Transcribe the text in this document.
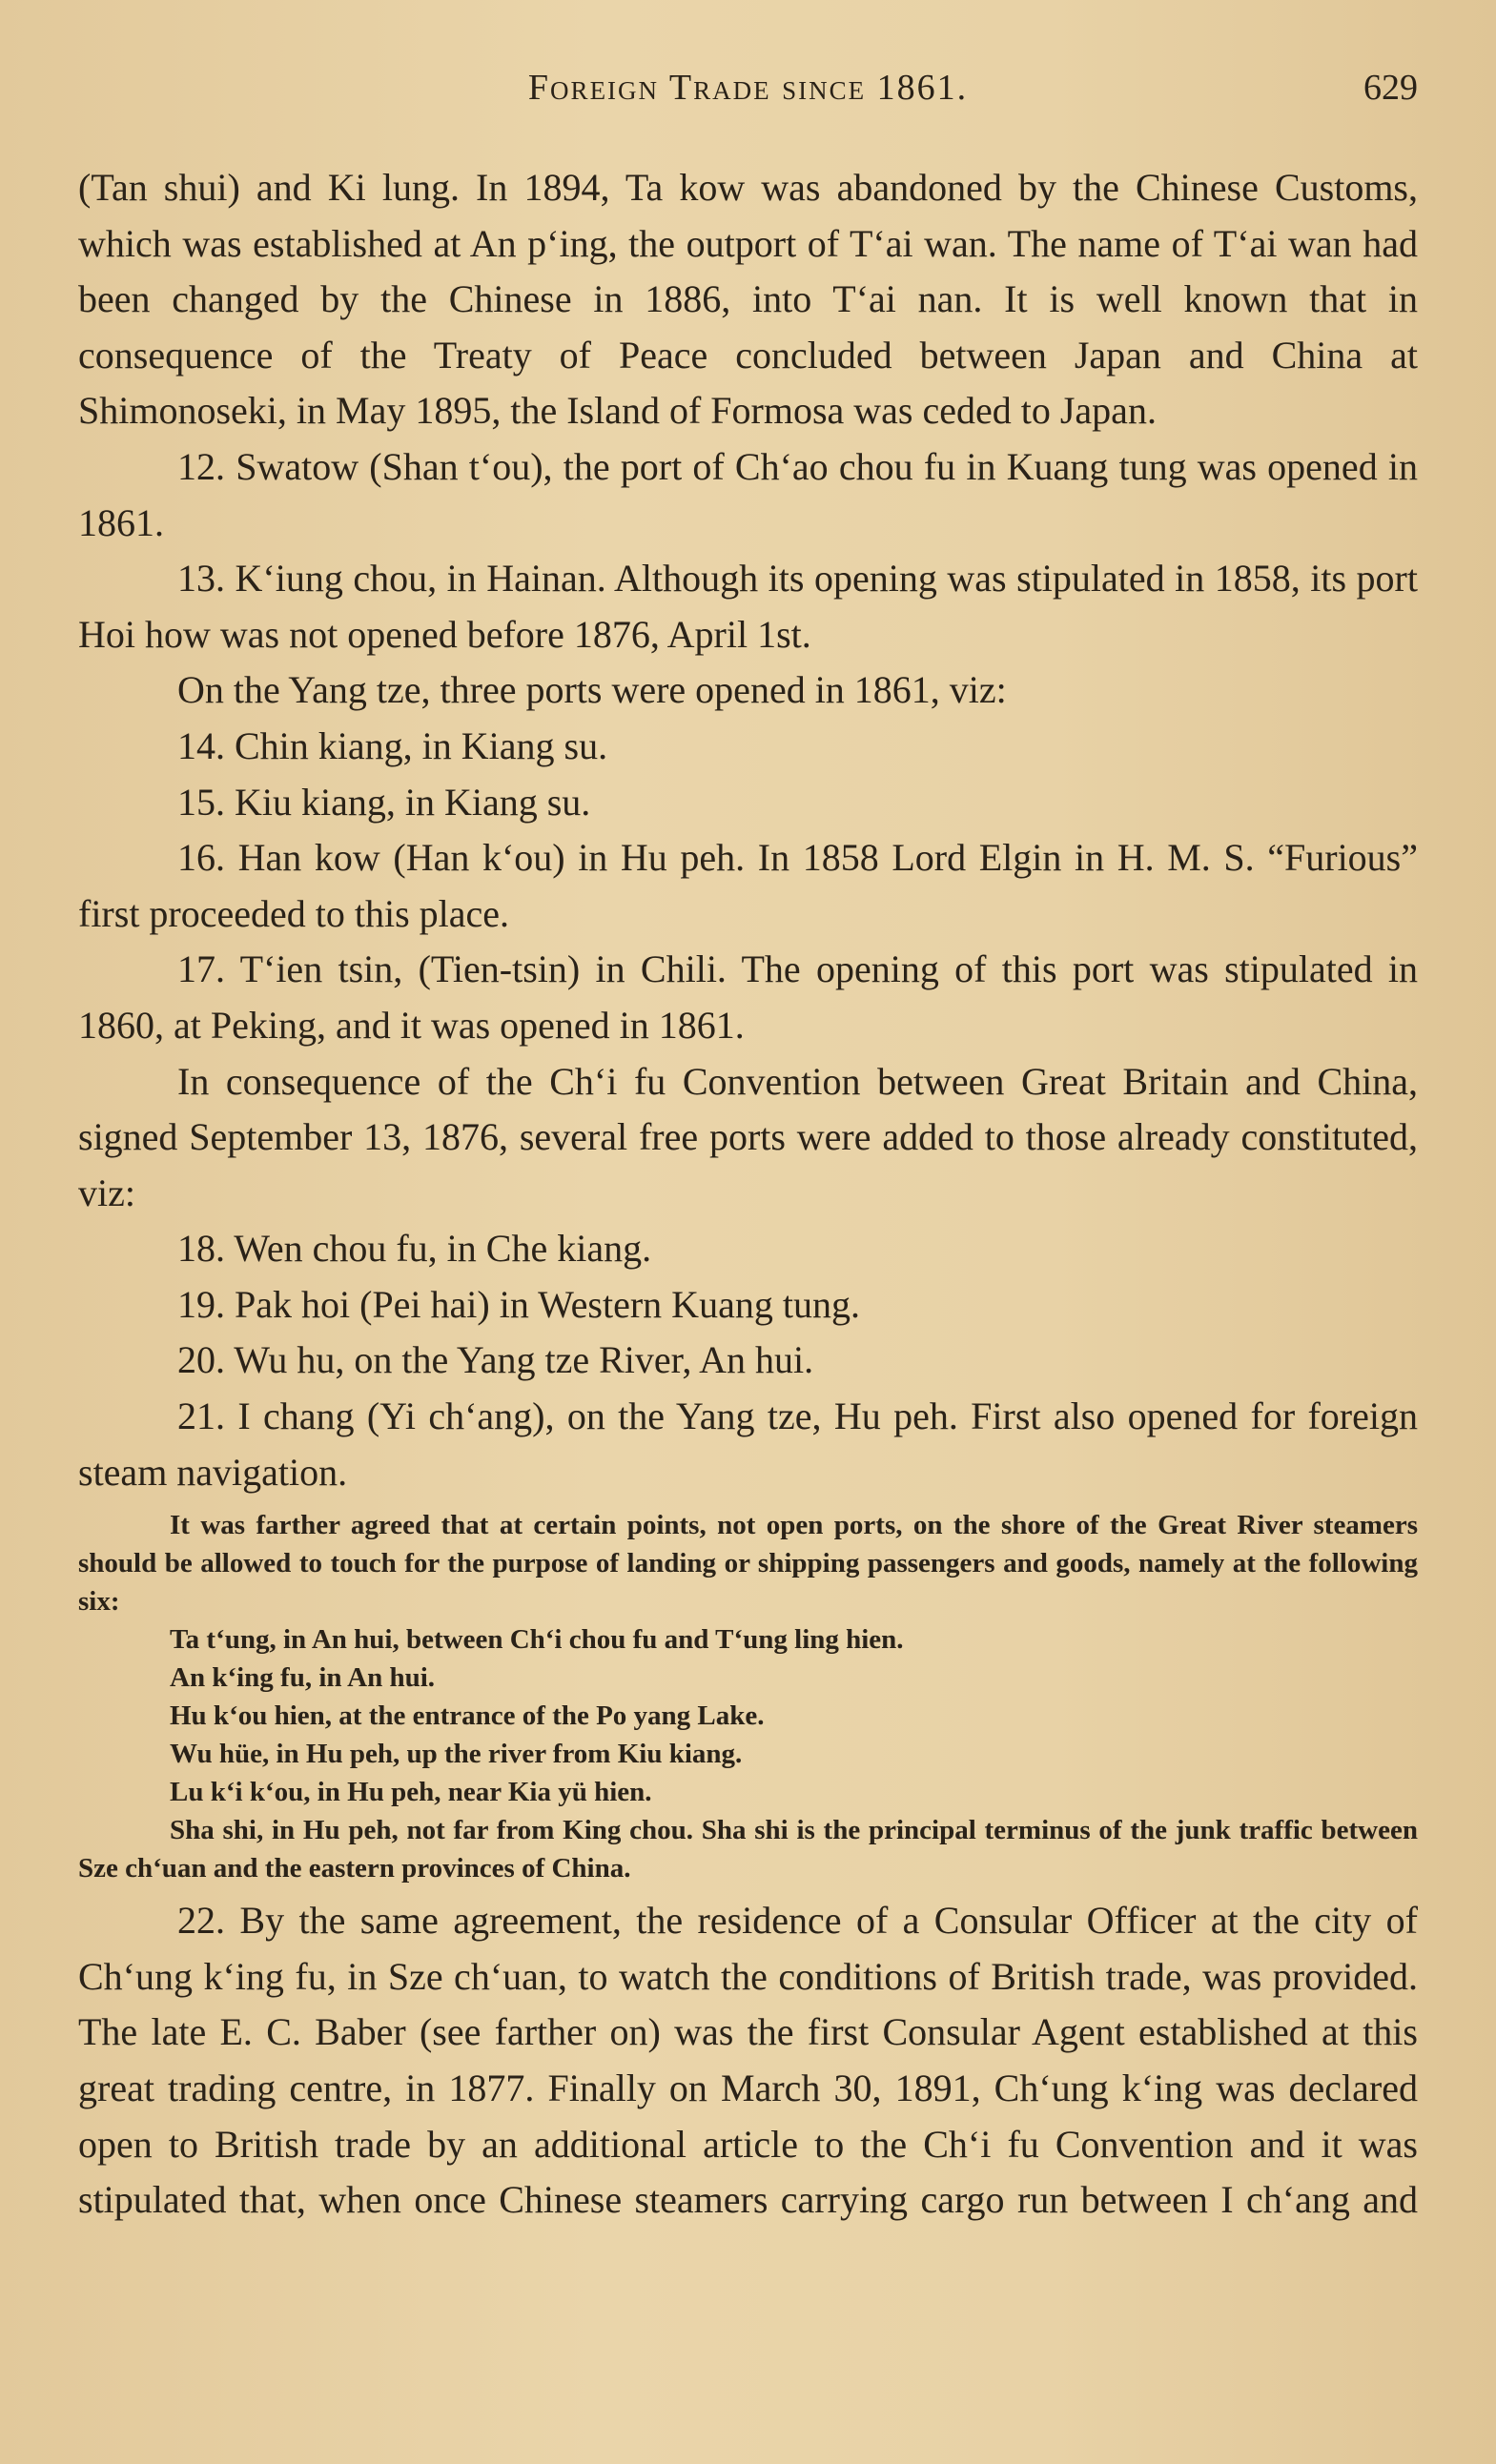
Foreign Trade since 1861.	629

(Tan shui) and Ki lung. In 1894, Ta kow was abandoned by the Chinese Customs, which was established at An pʻing, the outport of Tʻai wan. The name of Tʻai wan had been changed by the Chinese in 1886, into Tʻai nan. It is well known that in consequence of the Treaty of Peace concluded between Japan and China at Shimonoseki, in May 1895, the Island of Formosa was ceded to Japan.

12. Swatow (Shan tʻou), the port of Chʻao chou fu in Kuang tung was opened in 1861.

13. Kʻiung chou, in Hainan. Although its opening was stipulated in 1858, its port Hoi how was not opened before 1876, April 1st.

On the Yang tze, three ports were opened in 1861, viz:

14. Chin kiang, in Kiang su.

15. Kiu kiang, in Kiang su.

16. Han kow (Han kʻou) in Hu peh. In 1858 Lord Elgin in H. M. S. “Furious” first proceeded to this place.

17. Tʻien tsin, (Tien-tsin) in Chili. The opening of this port was stipulated in 1860, at Peking, and it was opened in 1861.

In consequence of the Chʻi fu Convention between Great Britain and China, signed September 13, 1876, several free ports were added to those already constituted, viz:

18. Wen chou fu, in Che kiang.

19. Pak hoi (Pei hai) in Western Kuang tung.

20. Wu hu, on the Yang tze River, An hui.

21. I chang (Yi chʻang), on the Yang tze, Hu peh. First also opened for foreign steam navigation.

It was farther agreed that at certain points, not open ports, on the shore of the Great River steamers should be allowed to touch for the purpose of landing or shipping passengers and goods, namely at the following six:

Ta tʻung, in An hui, between Chʻi chou fu and Tʻung ling hien.

An kʻing fu, in An hui.

Hu kʻou hien, at the entrance of the Po yang Lake.

Wu hüe, in Hu peh, up the river from Kiu kiang.

Lu kʻi kʻou, in Hu peh, near Kia yü hien.

Sha shi, in Hu peh, not far from King chou. Sha shi is the principal terminus of the junk traffic between Sze chʻuan and the eastern provinces of China.

22. By the same agreement, the residence of a Consular Officer at the city of Chʻung kʻing fu, in Sze chʻuan, to watch the conditions of British trade, was provided. The late E. C. Baber (see farther on) was the first Consular Agent established at this great trading centre, in 1877. Finally on March 30, 1891, Chʻung kʻing was declared open to British trade by an additional article to the Chʻi fu Convention and it was stipulated that, when once Chinese steamers carrying cargo run between I chʻang and
